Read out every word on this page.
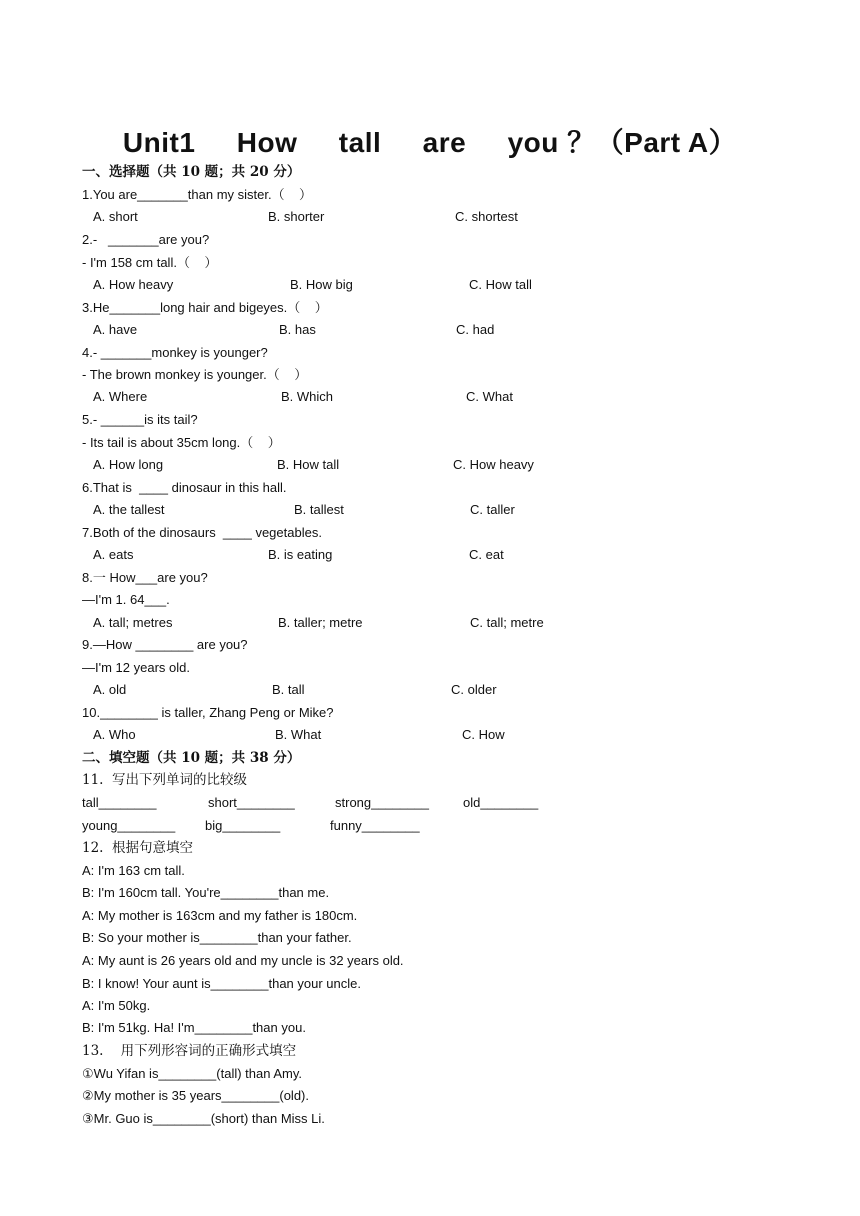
Unit1     How     tall     are     you ？（Part A）
一、选择题（共 10 题；共 20 分）
1.You are_______than my sister.（    ）
A. short	B. shorter	C. shortest
2.-   _______are you?
- I'm 158 cm tall.（    ）
A. How heavy	B. How big	C. How tall
3.He_______long hair and bigeyes.（    ）
A. have	B. has	C. had
4.- _______monkey is younger?
- The brown monkey is younger.（    ）
A. Where	B. Which	C. What
5.- ______is its tail?
- Its tail is about 35cm long.（    ）
A. How long	B. How tall	C. How heavy
6.That is  ____ dinosaur in this hall.
A. the tallest	B. tallest	C. taller
7.Both of the dinosaurs  ____ vegetables.
A. eats	B. is eating	C. eat
8.一 How___are you?
—I'm 1. 64___.
A. tall; metres	B. taller; metre	C. tall; metre
9.—How ________ are you?
—I'm 12 years old.
A. old	B. tall	C. older
10.________ is taller, Zhang Peng or Mike?
A. Who	B. What	C. How
二、填空题（共 10 题；共 38 分）
11.  写出下列单词的比较级
tall________	short________	strong________	old________
young________ big________	funny________
12.  根据句意填空
A: I'm 163 cm tall.
B: I'm 160cm tall. You're________than me.
A: My mother is 163cm and my father is 180cm.
B: So your mother is________than your father.
A: My aunt is 26 years old and my uncle is 32 years old.
B: I know! Your aunt is________than your uncle.
A: I'm 50kg.
B: I'm 51kg. Ha! I'm________than you.
13.    用下列形容词的正确形式填空
①Wu Yifan is________(tall) than Amy.
②My mother is 35 years________(old).
③Mr. Guo is________(short) than Miss Li.
